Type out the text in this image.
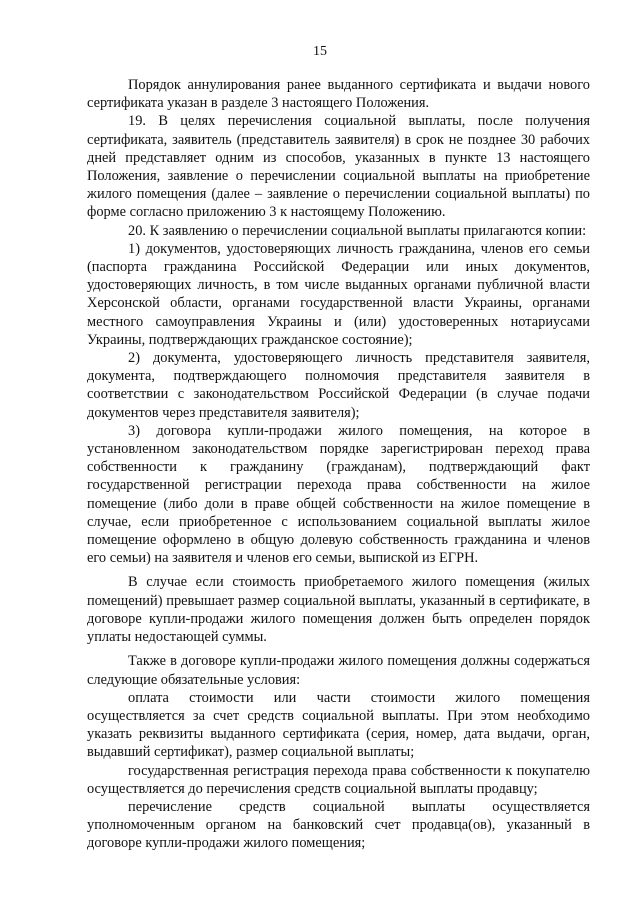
15

Порядок аннулирования ранее выданного сертификата и выдачи нового сертификата указан в разделе 3 настоящего Положения.

19. В целях перечисления социальной выплаты, после получения сертификата, заявитель (представитель заявителя) в срок не позднее 30 рабочих дней представляет одним из способов, указанных в пункте 13 настоящего Положения, заявление о перечислении социальной выплаты на приобретение жилого помещения (далее – заявление о перечислении социальной выплаты) по форме согласно приложению 3 к настоящему Положению.

20. К заявлению о перечислении социальной выплаты прилагаются копии:

1) документов, удостоверяющих личность гражданина, членов его семьи (паспорта гражданина Российской Федерации или иных документов, удостоверяющих личность, в том числе выданных органами публичной власти Херсонской области, органами государственной власти Украины, органами местного самоуправления Украины и (или) удостоверенных нотариусами Украины, подтверждающих гражданское состояние);

2) документа, удостоверяющего личность представителя заявителя, документа, подтверждающего полномочия представителя заявителя в соответствии с законодательством Российской Федерации (в случае подачи документов через представителя заявителя);

3) договора купли-продажи жилого помещения, на которое в установленном законодательством порядке зарегистрирован переход права собственности к гражданину (гражданам), подтверждающий факт государственной регистрации перехода права собственности на жилое помещение (либо доли в праве общей собственности на жилое помещение в случае, если приобретенное с использованием социальной выплаты жилое помещение оформлено в общую долевую собственность гражданина и членов его семьи) на заявителя и членов его семьи, выпиской из ЕГРН.

В случае если стоимость приобретаемого жилого помещения (жилых помещений) превышает размер социальной выплаты, указанный в сертификате, в договоре купли-продажи жилого помещения должен быть определен порядок уплаты недостающей суммы.

Также в договоре купли-продажи жилого помещения должны содержаться следующие обязательные условия:

оплата стоимости или части стоимости жилого помещения осуществляется за счет средств социальной выплаты. При этом необходимо указать реквизиты выданного сертификата (серия, номер, дата выдачи, орган, выдавший сертификат), размер социальной выплаты;

государственная регистрация перехода права собственности к покупателю осуществляется до перечисления средств социальной выплаты продавцу;

перечисление средств социальной выплаты осуществляется уполномоченным органом на банковский счет продавца(ов), указанный в договоре купли-продажи жилого помещения;
